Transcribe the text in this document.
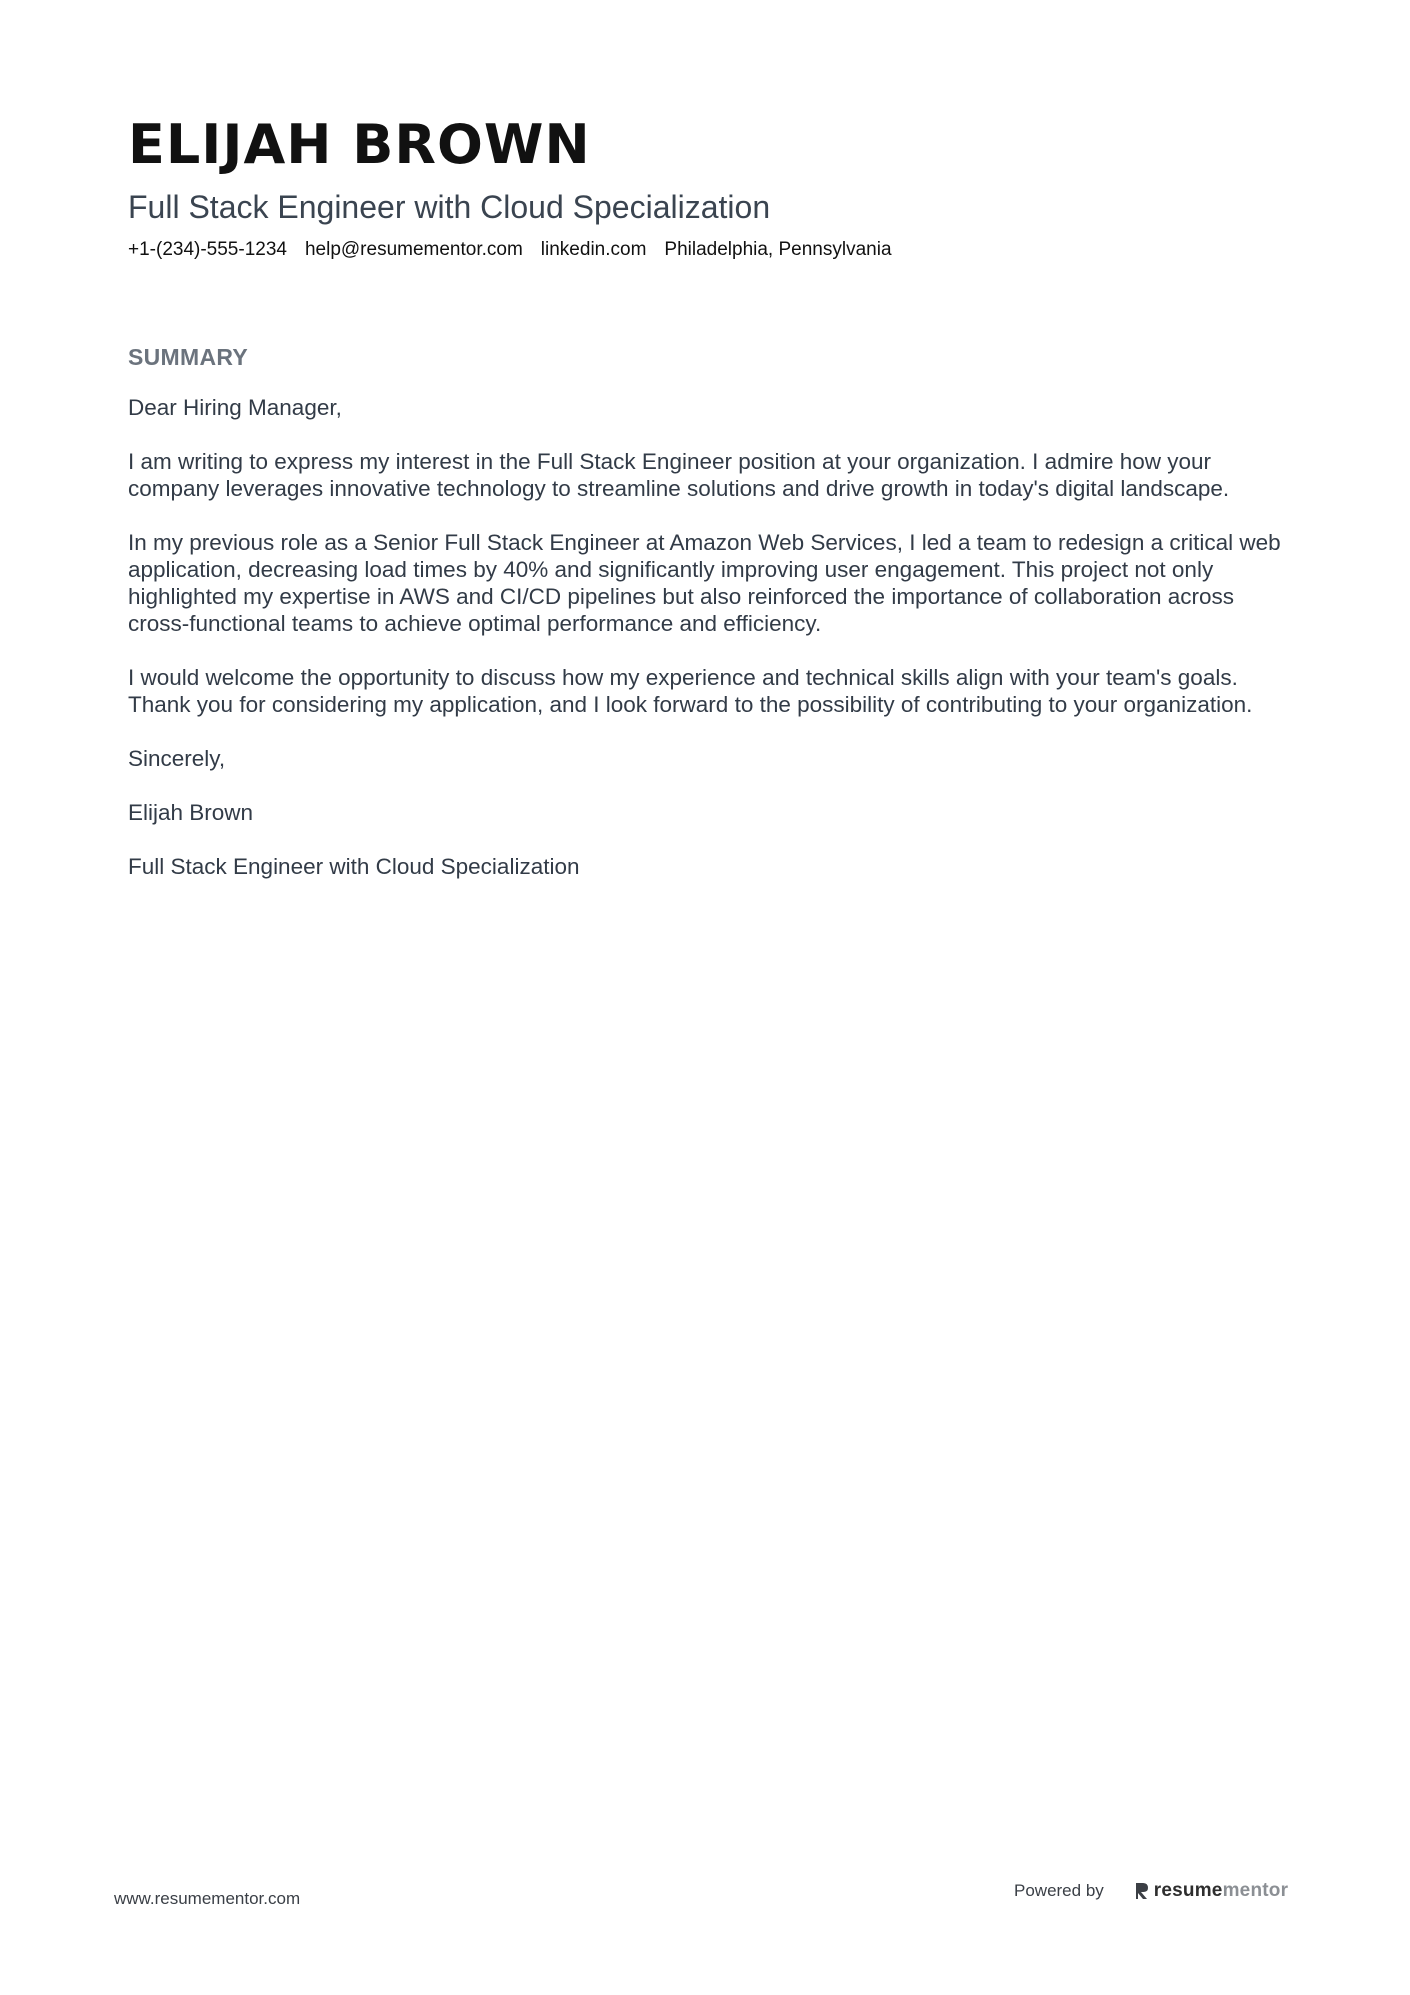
ELIJAH BROWN
Full Stack Engineer with Cloud Specialization
+1-(234)-555-1234 help@resumementor.com linkedin.com Philadelphia, Pennsylvania
SUMMARY

Dear Hiring Manager,

I am writing to express my interest in the Full Stack Engineer position at your organization. I admire how your company leverages innovative technology to streamline solutions and drive growth in today's digital landscape.

In my previous role as a Senior Full Stack Engineer at Amazon Web Services, I led a team to redesign a critical web application, decreasing load times by 40% and significantly improving user engagement. This project not only highlighted my expertise in AWS and CI/CD pipelines but also reinforced the importance of collaboration across cross-functional teams to achieve optimal performance and efficiency.

I would welcome the opportunity to discuss how my experience and technical skills align with your team's goals. Thank you for considering my application, and I look forward to the possibility of contributing to your organization.

Sincerely,

Elijah Brown

Full Stack Engineer with Cloud Specialization

www.resumementor.com	Powered by	resumementor
